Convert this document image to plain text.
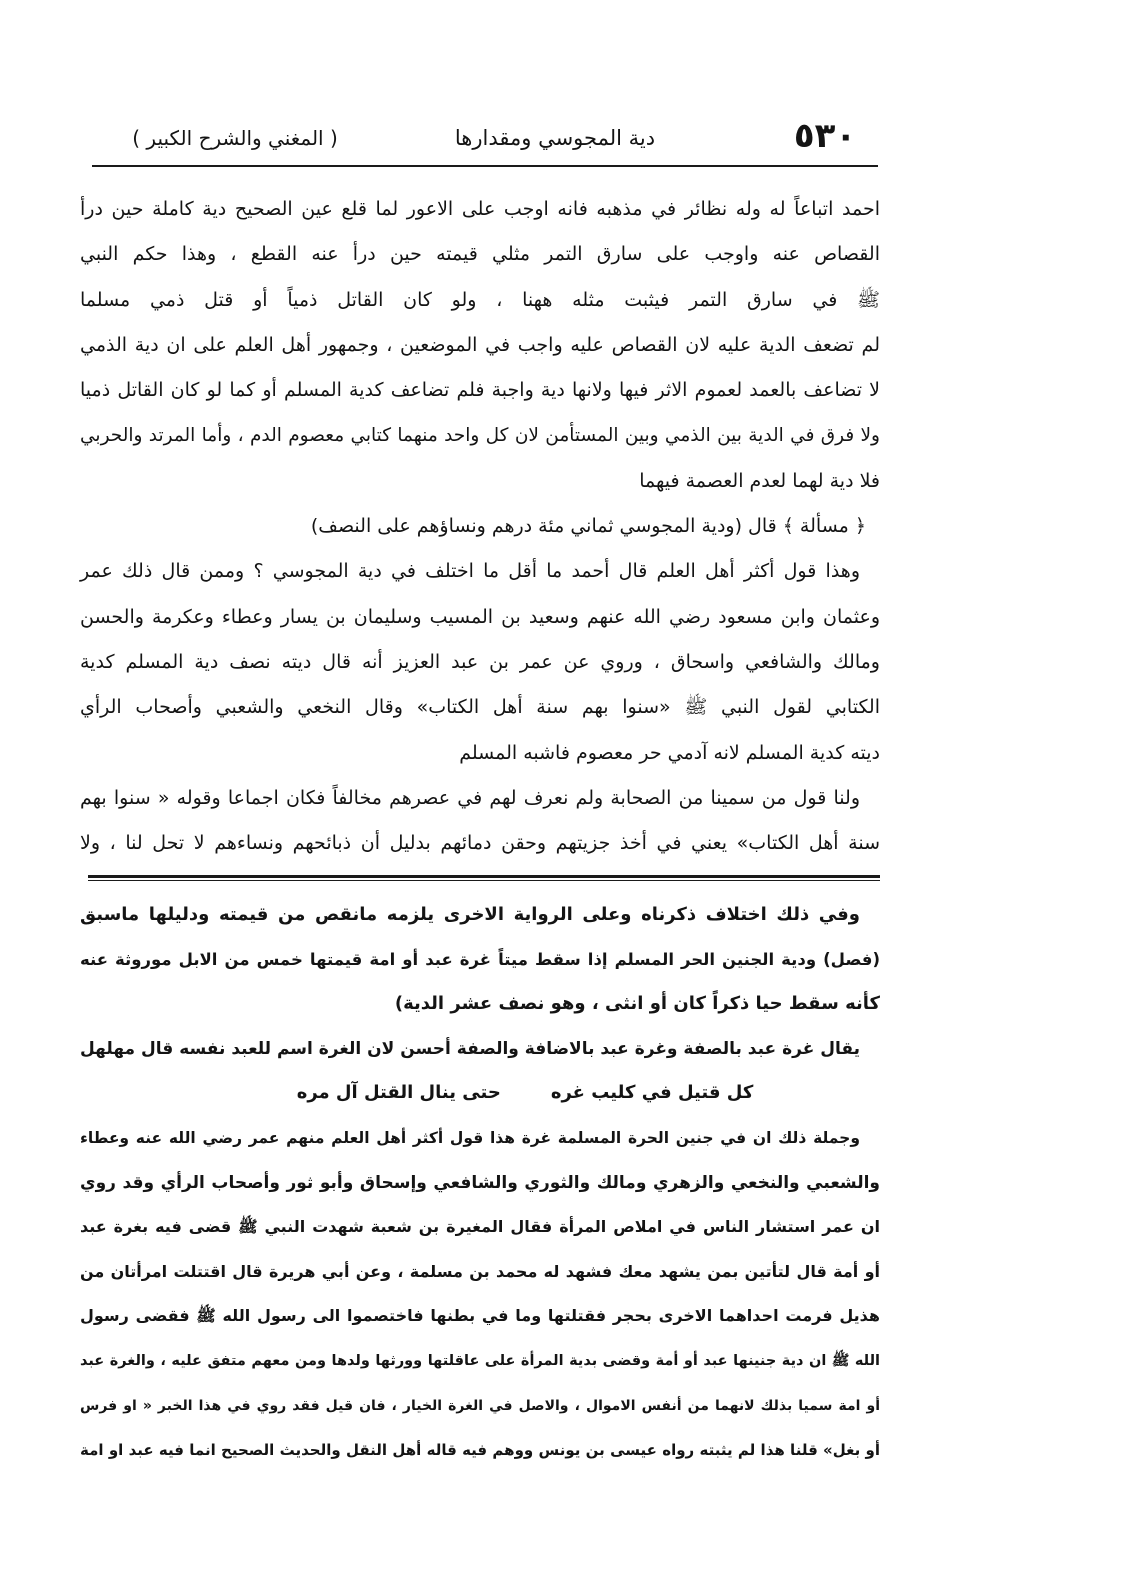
٥٣٠
دية المجوسي ومقدارها
( المغني والشرح الكبير )
احمد اتباعاً له وله نظائر في مذهبه فانه اوجب على الاعور لما قلع عين الصحيح دية كاملة حين درأ
القصاص عنه واوجب على سارق التمر مثلي قيمته حين درأ عنه القطع ، وهذا حكم النبي
ﷺ في سارق التمر فيثبت مثله ههنا ، ولو كان القاتل ذمياً أو قتل ذمي مسلما
لم تضعف الدية عليه لان القصاص عليه واجب في الموضعين ، وجمهور أهل العلم على ان دية الذمي
لا تضاعف بالعمد لعموم الاثر فيها ولانها دية واجبة فلم تضاعف كدية المسلم أو كما لو كان القاتل ذميا
ولا فرق في الدية بين الذمي وبين المستأمن لان كل واحد منهما كتابي معصوم الدم ، وأما المرتد والحربي
فلا دية لهما لعدم العصمة فيهما
﴿ مسألة ﴾ قال (ودية المجوسي ثماني مئة درهم ونساؤهم على النصف)
وهذا قول أكثر أهل العلم قال أحمد ما أقل ما اختلف في دية المجوسي ؟ وممن قال ذلك عمر
وعثمان وابن مسعود رضي الله عنهم وسعيد بن المسيب وسليمان بن يسار وعطاء وعكرمة والحسن
ومالك والشافعي واسحاق ، وروي عن عمر بن عبد العزيز أنه قال ديته نصف دية المسلم كدية
الكتابي لقول النبي ﷺ «سنوا بهم سنة أهل الكتاب» وقال النخعي والشعبي وأصحاب الرأي
ديته كدية المسلم لانه آدمي حر معصوم فاشبه المسلم
ولنا قول من سمينا من الصحابة ولم نعرف لهم في عصرهم مخالفاً فكان اجماعا وقوله « سنوا بهم
سنة أهل الكتاب» يعني في أخذ جزيتهم وحقن دمائهم بدليل أن ذبائحهم ونساءهم لا تحل لنا ، ولا
وفي ذلك اختلاف ذكرناه وعلى الرواية الاخرى يلزمه مانقص من قيمته ودليلها ماسبق
(فصل) ودية الجنين الحر المسلم إذا سقط ميتاً غرة عبد أو امة قيمتها خمس من الابل موروثة عنه
كأنه سقط حيا ذكراً كان أو انثى ، وهو نصف عشر الدية)
يقال غرة عبد بالصفة وغرة عبد بالاضافة والصفة أحسن لان الغرة اسم للعبد نفسه قال مهلهل
كل قتيل في كليب غره
حتى ينال القتل آل مره
وجملة ذلك ان في جنين الحرة المسلمة غرة هذا قول أكثر أهل العلم منهم عمر رضي الله عنه وعطاء
والشعبي والنخعي والزهري ومالك والثوري والشافعي وإسحاق وأبو ثور وأصحاب الرأي وقد روي
ان عمر استشار الناس في املاص المرأة فقال المغيرة بن شعبة شهدت النبي ﷺ قضى فيه بغرة عبد
أو أمة قال لتأتين بمن يشهد معك فشهد له محمد بن مسلمة ، وعن أبي هريرة قال اقتتلت امرأتان من
هذيل فرمت احداهما الاخرى بحجر فقتلتها وما في بطنها فاختصموا الى رسول الله ﷺ فقضى رسول
الله ﷺ ان دية جنينها عبد أو أمة وقضى بدية المرأة على عاقلتها وورثها ولدها ومن معهم متفق عليه ، والغرة عبد
أو امة سميا بذلك لانهما من أنفس الاموال ، والاصل في الغرة الخيار ، فان قيل فقد روي في هذا الخبر « او فرس
أو بغل» قلنا هذا لم يثبته رواه عيسى بن يونس ووهم فيه قاله أهل النقل والحديث الصحيح انما فيه عبد او امة
